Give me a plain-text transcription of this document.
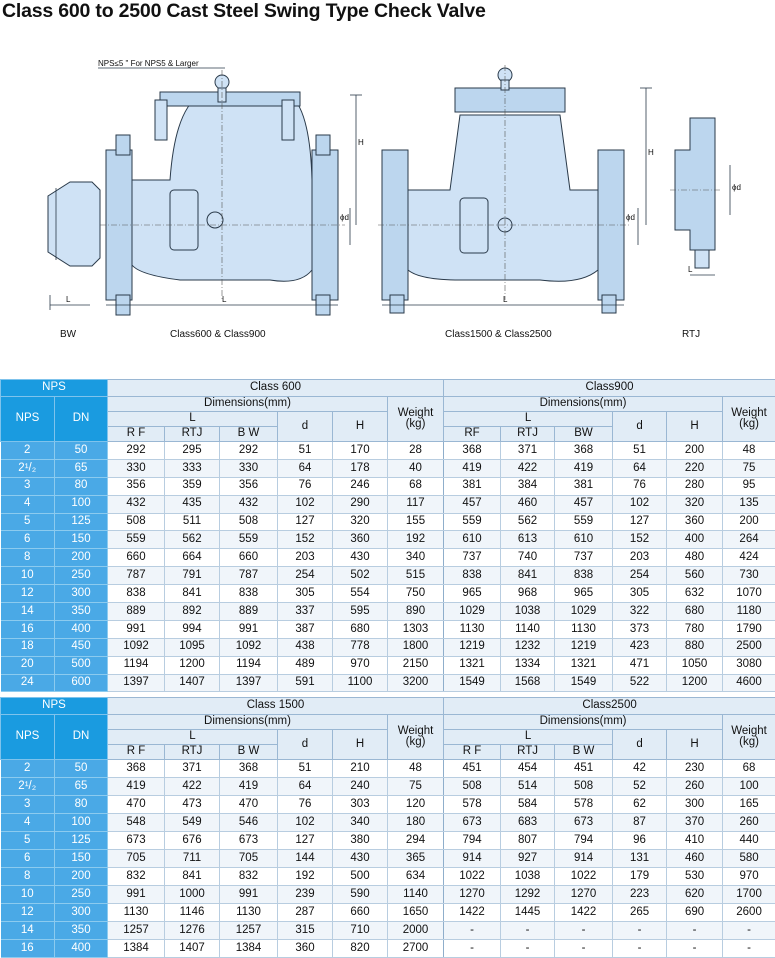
Class 600 to 2500 Cast Steel Swing Type Check Valve
NPS≤5 " For NPS5 & Larger
L
BW
L
H
ϕd
Class600 & Class900
L
H
ϕd
Class1500 & Class2500
ϕd
L
RTJ
NPS		Class 600						Class900					
NPS	DN	Dimensions(mm)					Weight
(kg)	Dimensions(mm)					Weight
(kg)
		L			d	H		L			d	H	
		R F	RTJ	B W				RF	RTJ	BW			
2	50	292	295	292	51	170	28	368	371	368	51	200	48
2¹/₂	65	330	333	330	64	178	40	419	422	419	64	220	75
3	80	356	359	356	76	246	68	381	384	381	76	280	95
4	100	432	435	432	102	290	117	457	460	457	102	320	135
5	125	508	511	508	127	320	155	559	562	559	127	360	200
6	150	559	562	559	152	360	192	610	613	610	152	400	264
8	200	660	664	660	203	430	340	737	740	737	203	480	424
10	250	787	791	787	254	502	515	838	841	838	254	560	730
12	300	838	841	838	305	554	750	965	968	965	305	632	1070
14	350	889	892	889	337	595	890	1029	1038	1029	322	680	1180
16	400	991	994	991	387	680	1303	1130	1140	1130	373	780	1790
18	450	1092	1095	1092	438	778	1800	1219	1232	1219	423	880	2500
20	500	1194	1200	1194	489	970	2150	1321	1334	1321	471	1050	3080
24	600	1397	1407	1397	591	1100	3200	1549	1568	1549	522	1200	4600
NPS		Class 1500						Class2500					
NPS	DN	Dimensions(mm)					Weight
(kg)	Dimensions(mm)					Weight
(kg)
		L			d	H		L			d	H	
		R F	RTJ	B W				R F	RTJ	B W			
2	50	368	371	368	51	210	48	451	454	451	42	230	68
2¹/₂	65	419	422	419	64	240	75	508	514	508	52	260	100
3	80	470	473	470	76	303	120	578	584	578	62	300	165
4	100	548	549	546	102	340	180	673	683	673	87	370	260
5	125	673	676	673	127	380	294	794	807	794	96	410	440
6	150	705	711	705	144	430	365	914	927	914	131	460	580
8	200	832	841	832	192	500	634	1022	1038	1022	179	530	970
10	250	991	1000	991	239	590	1140	1270	1292	1270	223	620	1700
12	300	1130	1146	1130	287	660	1650	1422	1445	1422	265	690	2600
14	350	1257	1276	1257	315	710	2000	-	-	-	-	-	-
16	400	1384	1407	1384	360	820	2700	-	-	-	-	-	-
